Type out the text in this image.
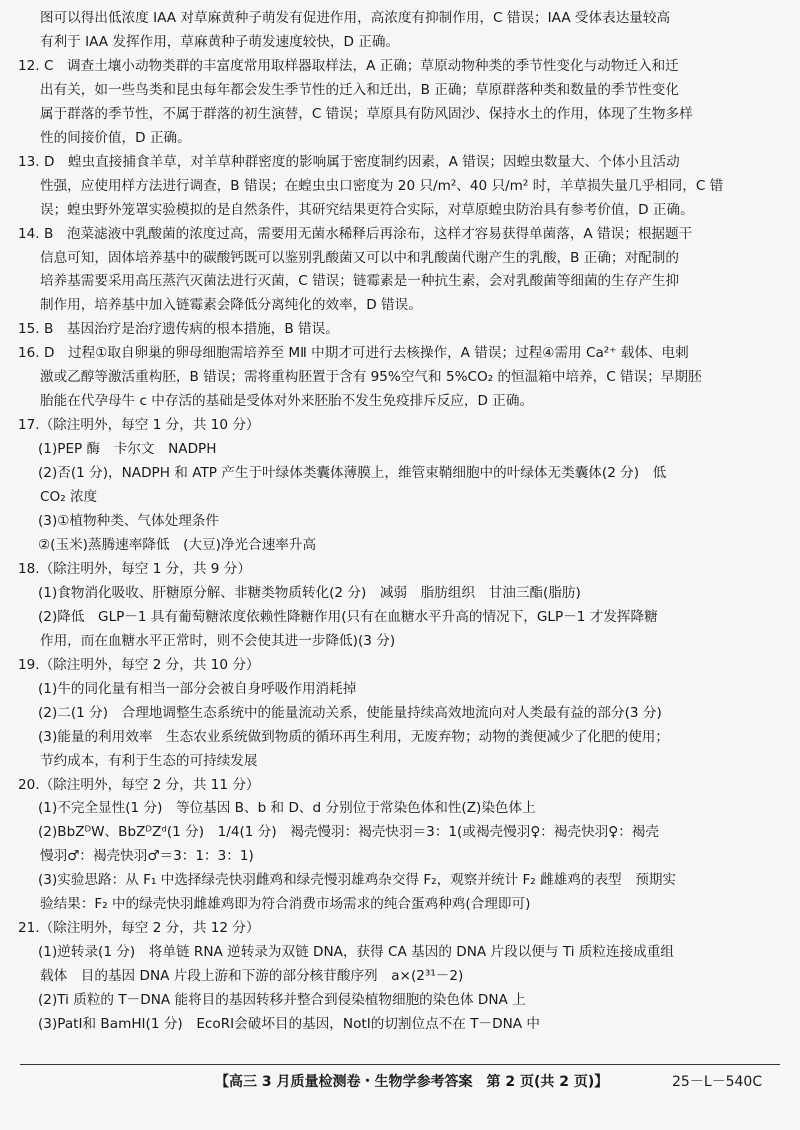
图可以得出低浓度 IAA 对草麻黄种子萌发有促进作用，高浓度有抑制作用，C 错误；IAA 受体表达量较高
有利于 IAA 发挥作用，草麻黄种子萌发速度较快，D 正确。
12. C　调查土壤小动物类群的丰富度常用取样器取样法，A 正确；草原动物种类的季节性变化与动物迁入和迁
出有关，如一些鸟类和昆虫每年都会发生季节性的迁入和迁出，B 正确；草原群落种类和数量的季节性变化
属于群落的季节性，不属于群落的初生演替，C 错误；草原具有防风固沙、保持水土的作用，体现了生物多样
性的间接价值，D 正确。
13. D　蝗虫直接捕食羊草，对羊草种群密度的影响属于密度制约因素，A 错误；因蝗虫数量大、个体小且活动
性强，应使用样方法进行调查，B 错误；在蝗虫虫口密度为 20 只/m²、40 只/m² 时，羊草损失量几乎相同，C 错
误；蝗虫野外笼罩实验模拟的是自然条件，其研究结果更符合实际，对草原蝗虫防治具有参考价值，D 正确。
14. B　泡菜滤液中乳酸菌的浓度过高，需要用无菌水稀释后再涂布，这样才容易获得单菌落，A 错误；根据题干
信息可知，固体培养基中的碳酸钙既可以鉴别乳酸菌又可以中和乳酸菌代谢产生的乳酸，B 正确；对配制的
培养基需要采用高压蒸汽灭菌法进行灭菌，C 错误；链霉素是一种抗生素，会对乳酸菌等细菌的生存产生抑
制作用，培养基中加入链霉素会降低分离纯化的效率，D 错误。
15. B　基因治疗是治疗遗传病的根本措施，B 错误。
16. D　过程①取自卵巢的卵母细胞需培养至 MⅡ 中期才可进行去核操作，A 错误；过程④需用 Ca²⁺ 载体、电刺
激或乙醇等激活重构胚，B 错误；需将重构胚置于含有 95%空气和 5%CO₂ 的恒温箱中培养，C 错误；早期胚
胎能在代孕母牛 c 中存活的基础是受体对外来胚胎不发生免疫排斥反应，D 正确。
17.（除注明外，每空 1 分，共 10 分）
(1)PEP 酶　卡尔文　NADPH
(2)否(1 分)，NADPH 和 ATP 产生于叶绿体类囊体薄膜上，维管束鞘细胞中的叶绿体无类囊体(2 分)　低
CO₂ 浓度
(3)①植物种类、气体处理条件
②(玉米)蒸腾速率降低　(大豆)净光合速率升高
18.（除注明外，每空 1 分，共 9 分）
(1)食物消化吸收、肝糖原分解、非糖类物质转化(2 分)　减弱　脂肪组织　甘油三酯(脂肪)
(2)降低　GLP－1 具有葡萄糖浓度依赖性降糖作用(只有在血糖水平升高的情况下，GLP－1 才发挥降糖
作用，而在血糖水平正常时，则不会使其进一步降低)(3 分)
19.（除注明外，每空 2 分，共 10 分）
(1)牛的同化量有相当一部分会被自身呼吸作用消耗掉
(2)二(1 分)　合理地调整生态系统中的能量流动关系，使能量持续高效地流向对人类最有益的部分(3 分)
(3)能量的利用效率　生态农业系统做到物质的循环再生利用，无废弃物；动物的粪便减少了化肥的使用；
节约成本，有利于生态的可持续发展
20.（除注明外，每空 2 分，共 11 分）
(1)不完全显性(1 分)　等位基因 B、b 和 D、d 分别位于常染色体和性(Z)染色体上
(2)BbZᴰW、BbZᴰZᵈ(1 分)　1/4(1 分)　褐壳慢羽：褐壳快羽＝3：1(或褐壳慢羽♀：褐壳快羽♀：褐壳
慢羽♂：褐壳快羽♂＝3：1：3：1)
(3)实验思路：从 F₁ 中选择绿壳快羽雌鸡和绿壳慢羽雄鸡杂交得 F₂，观察并统计 F₂ 雌雄鸡的表型　预期实
验结果：F₂ 中的绿壳快羽雌雄鸡即为符合消费市场需求的纯合蛋鸡种鸡(合理即可)
21.（除注明外，每空 2 分，共 12 分）
(1)逆转录(1 分)　将单链 RNA 逆转录为双链 DNA，获得 CA 基因的 DNA 片段以便与 Ti 质粒连接成重组
载体　目的基因 DNA 片段上游和下游的部分核苷酸序列　a×(2³¹－2)
(2)Ti 质粒的 T－DNA 能将目的基因转移并整合到侵染植物细胞的染色体 DNA 上
(3)PatⅠ和 BamHⅠ(1 分)　EcoRⅠ会破坏目的基因，NotⅠ的切割位点不在 T－DNA 中
【高三 3 月质量检测卷・生物学参考答案　第 2 页(共 2 页)】	25－L－540C
